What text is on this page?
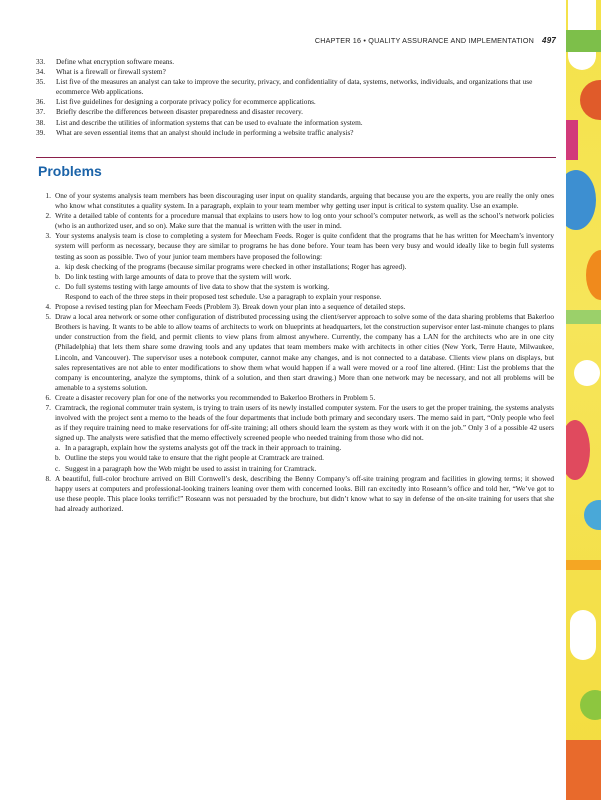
CHAPTER 16 • QUALITY ASSURANCE AND IMPLEMENTATION 497
33.	Define what encryption software means.
34.	What is a firewall or firewall system?
35.	List five of the measures an analyst can take to improve the security, privacy, and confidentiality of data, systems, networks, individuals, and organizations that use ecommerce Web applications.
36.	List five guidelines for designing a corporate privacy policy for ecommerce applications.
37.	Briefly describe the differences between disaster preparedness and disaster recovery.
38.	List and describe the utilities of information systems that can be used to evaluate the information system.
39.	What are seven essential items that an analyst should include in performing a website traffic analysis?
Problems
1. One of your systems analysis team members has been discouraging user input on quality standards, arguing that because you are the experts, you are really the only ones who know what constitutes a quality system. In a paragraph, explain to your team member why getting user input is critical to system quality. Use an example.
2. Write a detailed table of contents for a procedure manual that explains to users how to log onto your school’s computer network, as well as the school’s network policies (who is an authorized user, and so on). Make sure that the manual is written with the user in mind.
3. Your systems analysis team is close to completing a system for Meecham Feeds. Roger is quite confident that the programs that he has written for Meecham’s inventory system will perform as necessary, because they are similar to programs he has done before. Your team has been very busy and would ideally like to begin full systems testing as soon as possible. Two of your junior team members have proposed the following:
a. kip desk checking of the programs (because similar programs were checked in other installations; Roger has agreed).
b. Do link testing with large amounts of data to prove that the system will work.
c. Do full systems testing with large amounts of live data to show that the system is working.
Respond to each of the three steps in their proposed test schedule. Use a paragraph to explain your response.
4. Propose a revised testing plan for Meecham Feeds (Problem 3). Break down your plan into a sequence of detailed steps.
5. Draw a local area network or some other configuration of distributed processing using the client/server approach to solve some of the data sharing problems that Bakerloo Brothers is having. It wants to be able to allow teams of architects to work on blueprints at headquarters, let the construction supervisor enter last-minute changes to plans under construction from the field, and permit clients to view plans from almost anywhere. Currently, the company has a LAN for the architects who are in one city (Philadelphia) that lets them share some drawing tools and any updates that team members make with architects in other cities (New York, Terre Haute, Milwaukee, Lincoln, and Vancouver). The supervisor uses a notebook computer, cannot make any changes, and is not connected to a database. Clients view plans on displays, but sales representatives are not able to enter modifications to show them what would happen if a wall were moved or a roof line altered. (Hint: List the problems that the company is encountering, analyze the symptoms, think of a solution, and then start drawing.) More than one network may be necessary, and not all problems will be amenable to a systems solution.
6. Create a disaster recovery plan for one of the networks you recommended to Bakerloo Brothers in Problem 5.
7. Cramtrack, the regional commuter train system, is trying to train users of its newly installed computer system. For the users to get the proper training, the systems analysts involved with the project sent a memo to the heads of the four departments that include both primary and secondary users. The memo said in part, “Only people who feel as if they require training need to make reservations for off-site training; all others should learn the system as they work with it on the job.” Only 3 of a possible 42 users signed up. The analysts were satisfied that the memo effectively screened people who needed training from those who did not.
a. In a paragraph, explain how the systems analysts got off the track in their approach to training.
b. Outline the steps you would take to ensure that the right people at Cramtrack are trained.
c. Suggest in a paragraph how the Web might be used to assist in training for Cramtrack.
8. A beautiful, full-color brochure arrived on Bill Cornwell’s desk, describing the Benny Company’s off-site training program and facilities in glowing terms; it showed happy users at computers and professional-looking trainers leaning over them with concerned looks. Bill ran excitedly into Roseann’s office and told her, “We’ve got to use these people. This place looks terrific!” Roseann was not persuaded by the brochure, but didn’t know what to say in defense of the on-site training for users that she had already authorized.
